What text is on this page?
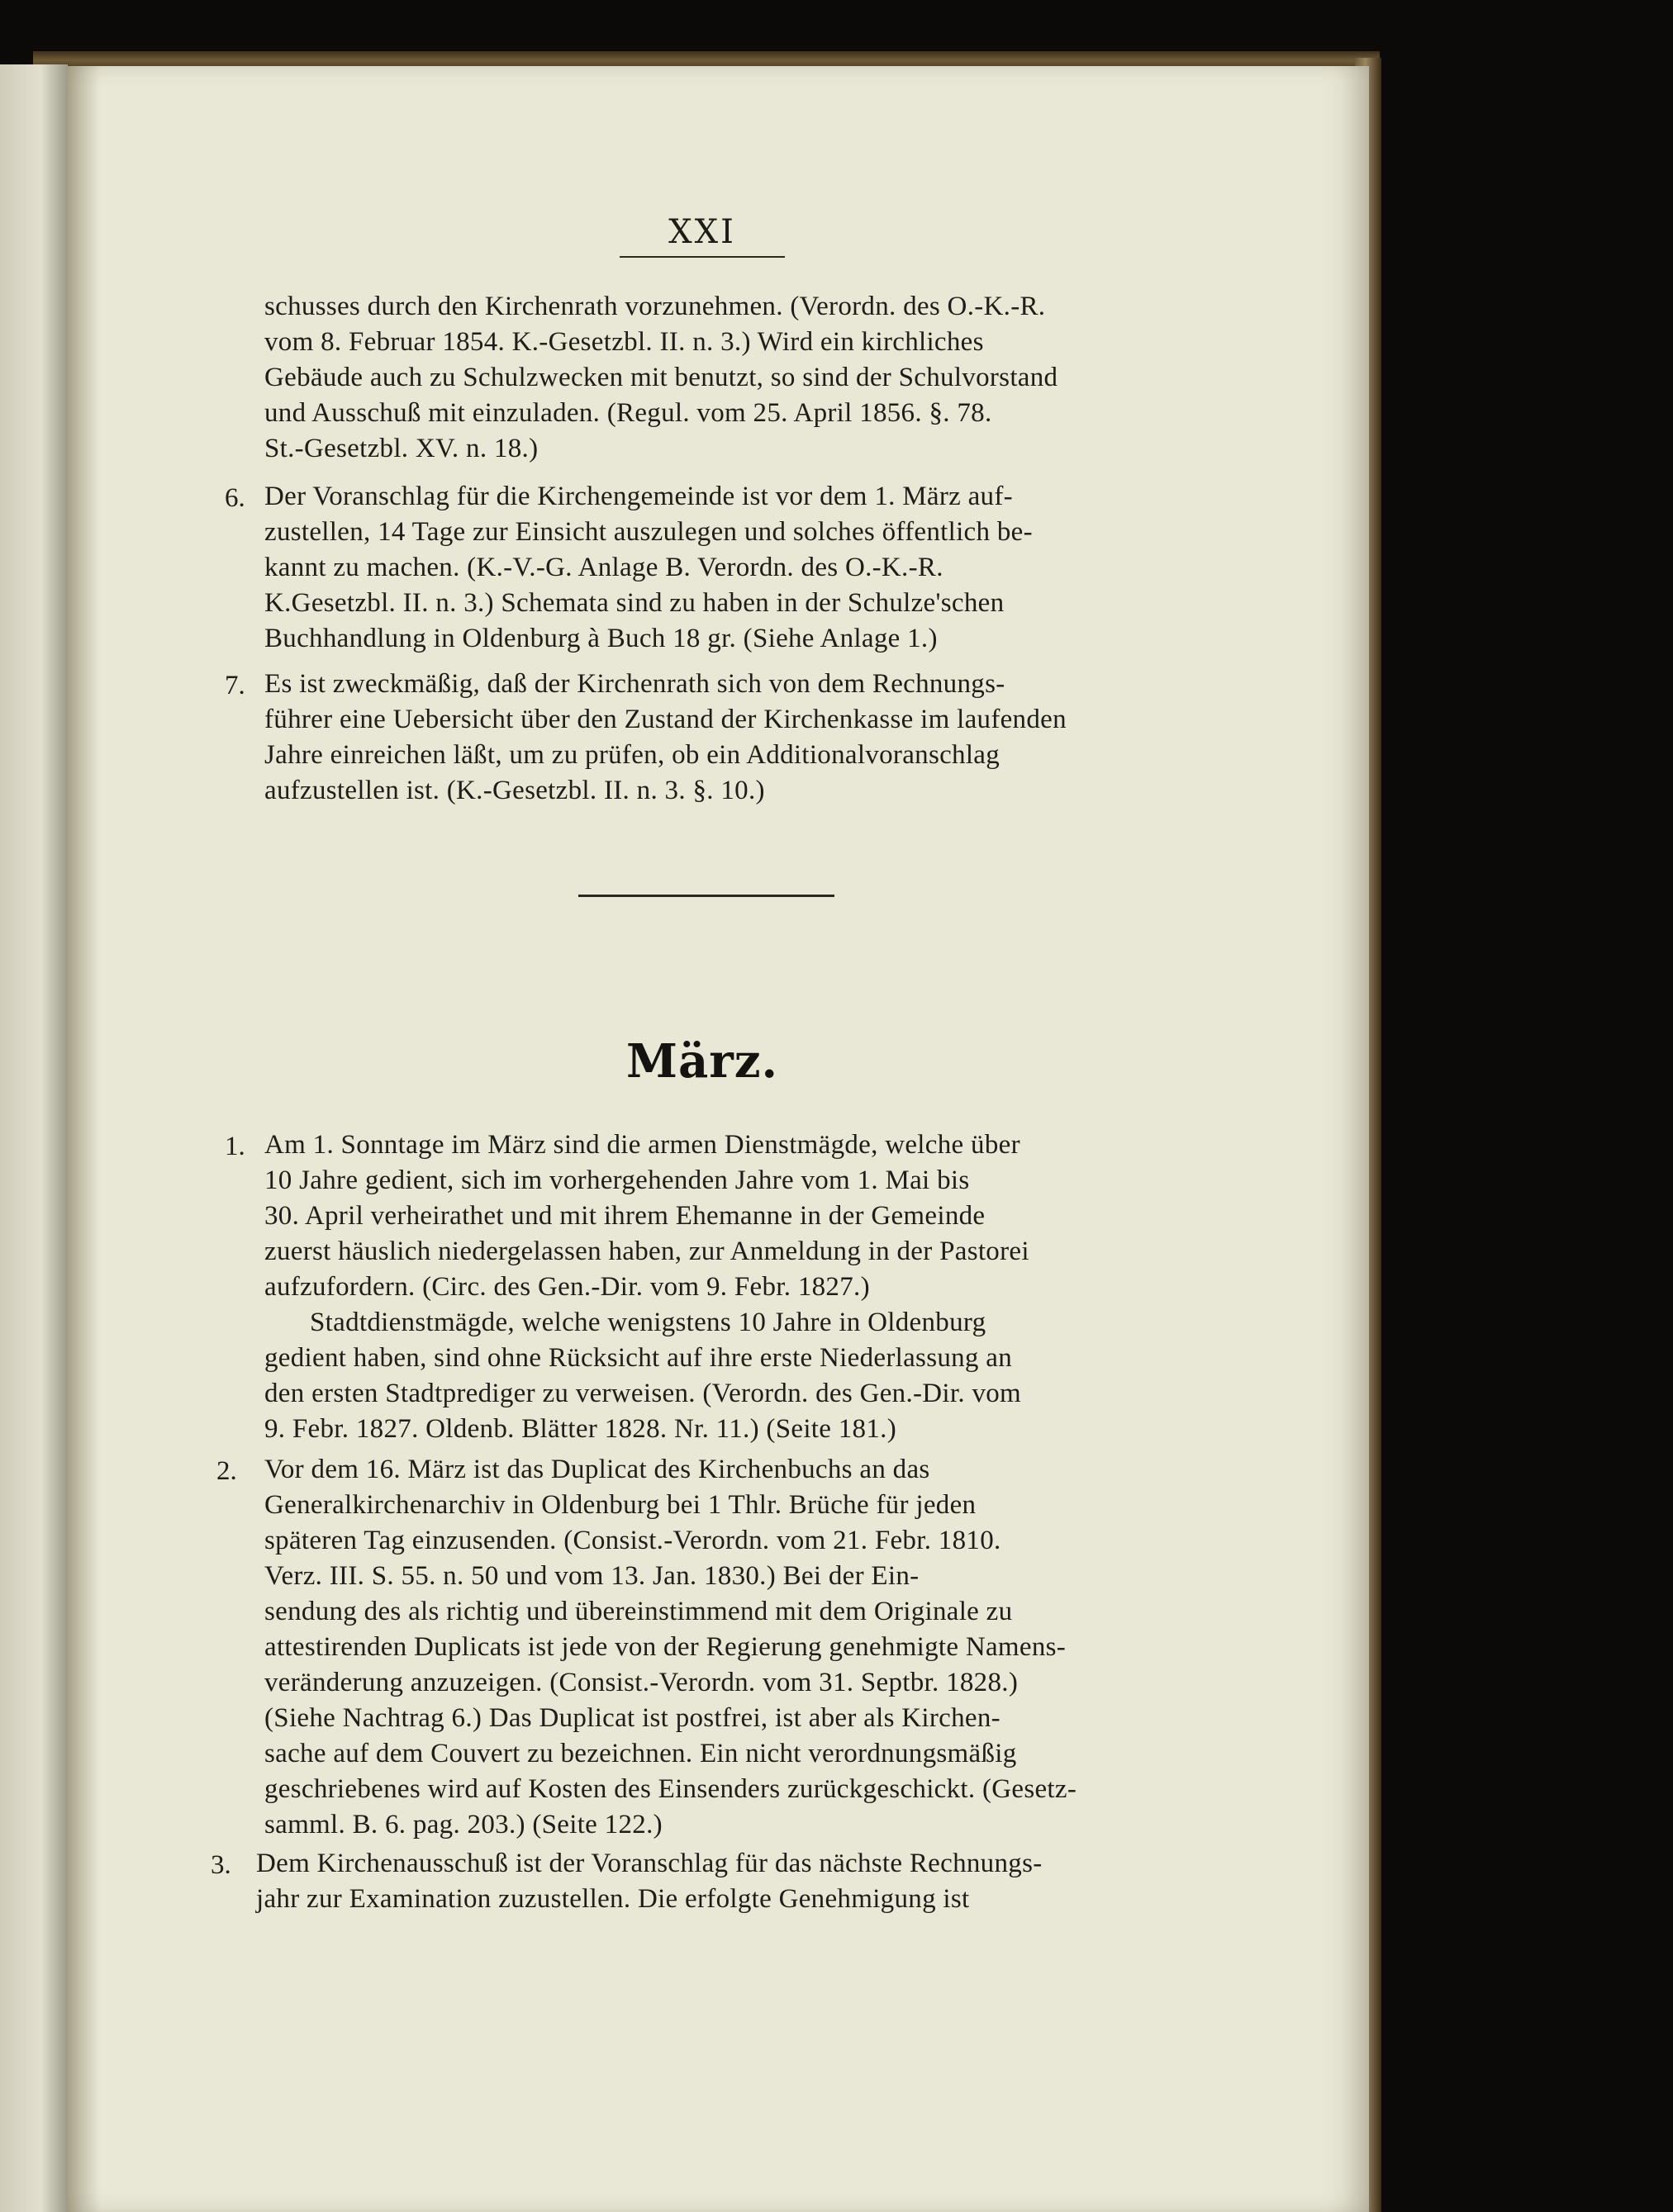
XXI
schusses durch den Kirchenrath vorzunehmen. (Verordn. des O.-K.-R.
vom 8. Februar 1854. K.-Gesetzbl. II. n. 3.) Wird ein kirchliches
Gebäude auch zu Schulzwecken mit benutzt, so sind der Schulvorstand
und Ausschuß mit einzuladen. (Regul. vom 25. April 1856. §. 78.
St.-Gesetzbl. XV. n. 18.)
6. Der Voranschlag für die Kirchengemeinde ist vor dem 1. März auf-
zustellen, 14 Tage zur Einsicht auszulegen und solches öffentlich be-
kannt zu machen. (K.-V.-G. Anlage B. Verordn. des O.-K.-R.
K.Gesetzbl. II. n. 3.) Schemata sind zu haben in der Schulze'schen
Buchhandlung in Oldenburg à Buch 18 gr. (Siehe Anlage 1.)
7. Es ist zweckmäßig, daß der Kirchenrath sich von dem Rechnungs-
führer eine Uebersicht über den Zustand der Kirchenkasse im laufenden
Jahre einreichen läßt, um zu prüfen, ob ein Additionalvoranschlag
aufzustellen ist. (K.-Gesetzbl. II. n. 3. §. 10.)
März.
1. Am 1. Sonntage im März sind die armen Dienstmägde, welche über
10 Jahre gedient, sich im vorhergehenden Jahre vom 1. Mai bis
30. April verheirathet und mit ihrem Ehemanne in der Gemeinde
zuerst häuslich niedergelassen haben, zur Anmeldung in der Pastorei
aufzufordern. (Circ. des Gen.-Dir. vom 9. Febr. 1827.)
Stadtdienstmägde, welche wenigstens 10 Jahre in Oldenburg
gedient haben, sind ohne Rücksicht auf ihre erste Niederlassung an
den ersten Stadtprediger zu verweisen. (Verordn. des Gen.-Dir. vom
9. Febr. 1827. Oldenb. Blätter 1828. Nr. 11.) (Seite 181.)
2. Vor dem 16. März ist das Duplicat des Kirchenbuchs an das
Generalkirchenarchiv in Oldenburg bei 1 Thlr. Brüche für jeden
späteren Tag einzusenden. (Consist.-Verordn. vom 21. Febr. 1810.
Verz. III. S. 55. n. 50 und vom 13. Jan. 1830.) Bei der Ein-
sendung des als richtig und übereinstimmend mit dem Originale zu
attestirenden Duplicats ist jede von der Regierung genehmigte Namens-
veränderung anzuzeigen. (Consist.-Verordn. vom 31. Septbr. 1828.)
(Siehe Nachtrag 6.) Das Duplicat ist postfrei, ist aber als Kirchen-
sache auf dem Couvert zu bezeichnen. Ein nicht verordnungsmäßig
geschriebenes wird auf Kosten des Einsenders zurückgeschickt. (Gesetz-
samml. B. 6. pag. 203.) (Seite 122.)
3. Dem Kirchenausschuß ist der Voranschlag für das nächste Rechnungs-
jahr zur Examination zuzustellen. Die erfolgte Genehmigung ist
